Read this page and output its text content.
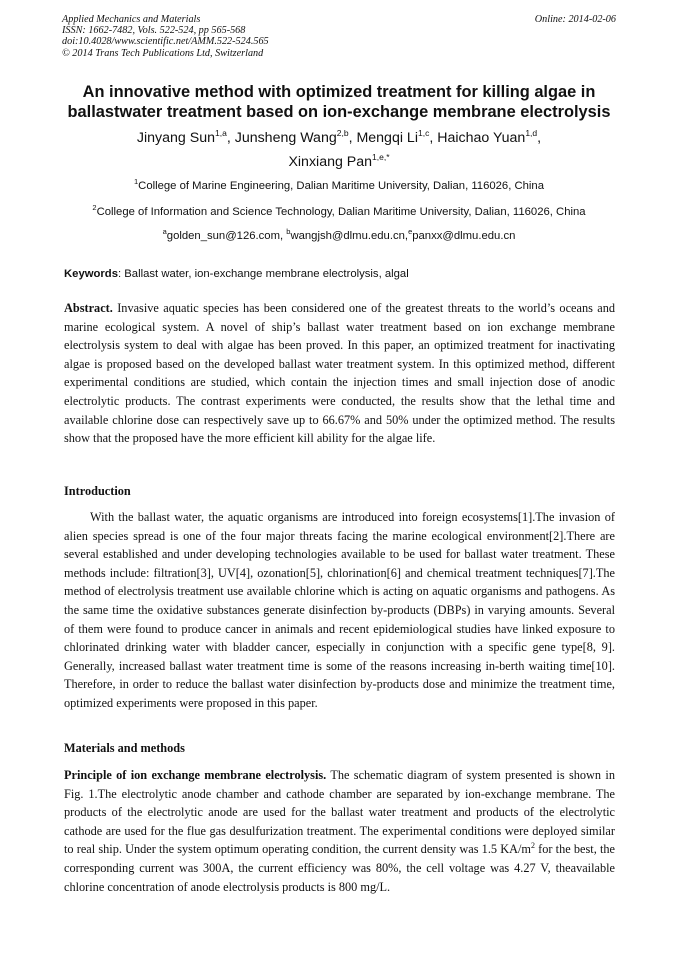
Applied Mechanics and Materials
ISSN: 1662-7482, Vols. 522-524, pp 565-568
doi:10.4028/www.scientific.net/AMM.522-524.565
© 2014 Trans Tech Publications Ltd, Switzerland
Online: 2014-02-06
An innovative method with optimized treatment for killing algae in
ballastwater treatment based on ion-exchange membrane electrolysis
Jinyang Sun$^{1,a}$, Junsheng Wang$^{2,b}$, Mengqi Li$^{1,c}$, Haichao Yuan$^{1,d}$,
Xinxiang Pan$^{1,e,*}$
$^1$College of Marine Engineering, Dalian Maritime University, Dalian, 116026, China
$^2$College of Information and Science Technology, Dalian Maritime University, Dalian, 116026, China
$^a$golden_sun@126.com, $^b$wangjsh@dlmu.edu.cn,$^e$panxx@dlmu.edu.cn
Keywords: Ballast water, ion-exchange membrane electrolysis, algal
Abstract. Invasive aquatic species has been considered one of the greatest threats to the world’s oceans and marine ecological system. A novel of ship’s ballast water treatment based on ion exchange membrane electrolysis system to deal with algae has been proved. In this paper, an optimized treatment for inactivating algae is proposed based on the developed ballast water treatment system. In this optimized method, different experimental conditions are studied, which contain the injection times and small injection dose of anodic electrolytic products. The contrast experiments were conducted, the results show that the lethal time and available chlorine dose can respectively save up to 66.67% and 50% under the optimized method. The results show that the proposed have the more efficient kill ability for the algae life.
Introduction
With the ballast water, the aquatic organisms are introduced into foreign ecosystems[1].The invasion of alien species spread is one of the four major threats facing the marine ecological environment[2].There are several established and under developing technologies available to be used for ballast water treatment. These methods include: filtration[3], UV[4], ozonation[5], chlorination[6] and chemical treatment techniques[7].The method of electrolysis treatment use available chlorine which is acting on aquatic organisms and pathogens. As the same time the oxidative substances generate disinfection by-products (DBPs) in varying amounts. Several of them were found to produce cancer in animals and recent epidemiological studies have linked exposure to chlorinated drinking water with bladder cancer, especially in conjunction with a specific gene type[8, 9]. Generally, increased ballast water treatment time is some of the reasons increasing in-berth waiting time[10]. Therefore, in order to reduce the ballast water disinfection by-products dose and minimize the treatment time, optimized experiments were proposed in this paper.
Materials and methods
Principle of ion exchange membrane electrolysis. The schematic diagram of system presented is shown in Fig. 1.The electrolytic anode chamber and cathode chamber are separated by ion-exchange membrane. The products of the electrolytic anode are used for the ballast water treatment and products of the electrolytic cathode are used for the flue gas desulfurization treatment. The experimental conditions were deployed similar to real ship. Under the system optimum operating condition, the current density was 1.5 $KA/m^2$ for the best, the corresponding current was 300A, the current efficiency was 80%, the cell voltage was 4.27 V, theavailable chlorine concentration of anode electrolysis products is 800 mg/L.
